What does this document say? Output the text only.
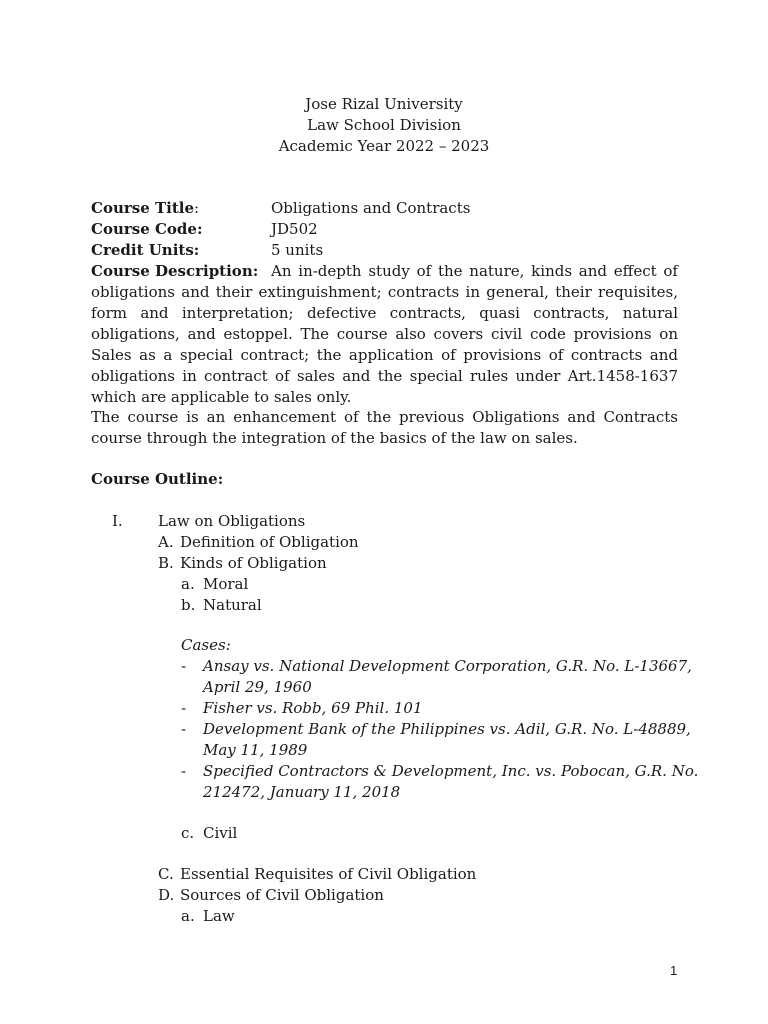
Jose Rizal University
Law School Division
Academic Year 2022 – 2023
Course Title:	Obligations and Contracts
Course Code:	JD502
Credit Units:	5 units
Course Description: An in-depth study of the nature, kinds and effect of
obligations and their extinguishment; contracts in general, their requisites, form and interpretation; defective contracts, quasi contracts, natural obligations, and estoppel. The course also covers civil code provisions on Sales as a special contract; the application of provisions of contracts and obligations in contract of sales and the special rules under Art.1458-1637 which are applicable to sales only.
The course is an enhancement of the previous Obligations and Contracts course through the integration of the basics of the law on sales.
Course Outline:
I. Law on Obligations
A. Definition of Obligation
B. Kinds of Obligation
a. Moral
b. Natural
Cases:
- Ansay vs. National Development Corporation, G.R. No. L-13667,
April 29, 1960
- Fisher vs. Robb, 69 Phil. 101
- Development Bank of the Philippines vs. Adil, G.R. No. L-48889,
May 11, 1989
- Specified Contractors & Development, Inc. vs. Pobocan, G.R. No.
212472, January 11, 2018
c. Civil
C. Essential Requisites of Civil Obligation
D. Sources of Civil Obligation
a. Law
1
